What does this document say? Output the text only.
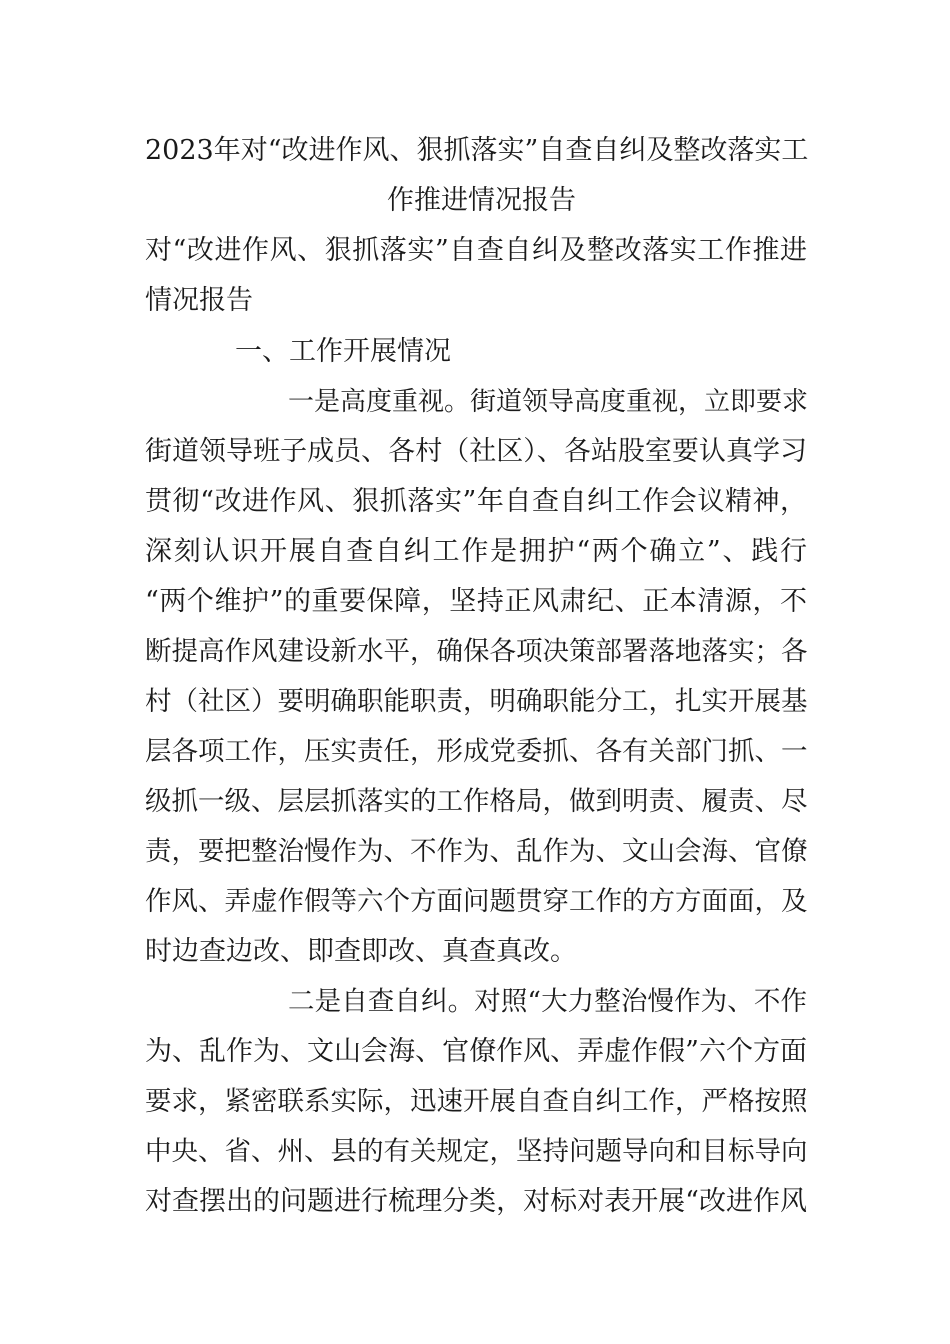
2023年对“改进作风、狠抓落实”自查自纠及整改落实工
作推进情况报告
对“改进作风、狠抓落实”自查自纠及整改落实工作推进
情况报告
一、工作开展情况
一是高度重视。街道领导高度重视，立即要求
街道领导班子成员、各村（社区）、各站股室要认真学习
贯彻“改进作风、狠抓落实”年自查自纠工作会议精神，
深刻认识开展自查自纠工作是拥护“两个确立”、践行
“两个维护”的重要保障，坚持正风肃纪、正本清源，不
断提高作风建设新水平，确保各项决策部署落地落实；各
村（社区）要明确职能职责，明确职能分工，扎实开展基
层各项工作，压实责任，形成党委抓、各有关部门抓、一
级抓一级、层层抓落实的工作格局，做到明责、履责、尽
责，要把整治慢作为、不作为、乱作为、文山会海、官僚
作风、弄虚作假等六个方面问题贯穿工作的方方面面，及
时边查边改、即查即改、真查真改。
二是自查自纠。对照“大力整治慢作为、不作
为、乱作为、文山会海、官僚作风、弄虚作假”六个方面
要求，紧密联系实际，迅速开展自查自纠工作，严格按照
中央、省、州、县的有关规定，坚持问题导向和目标导向
对查摆出的问题进行梳理分类，对标对表开展“改进作风
